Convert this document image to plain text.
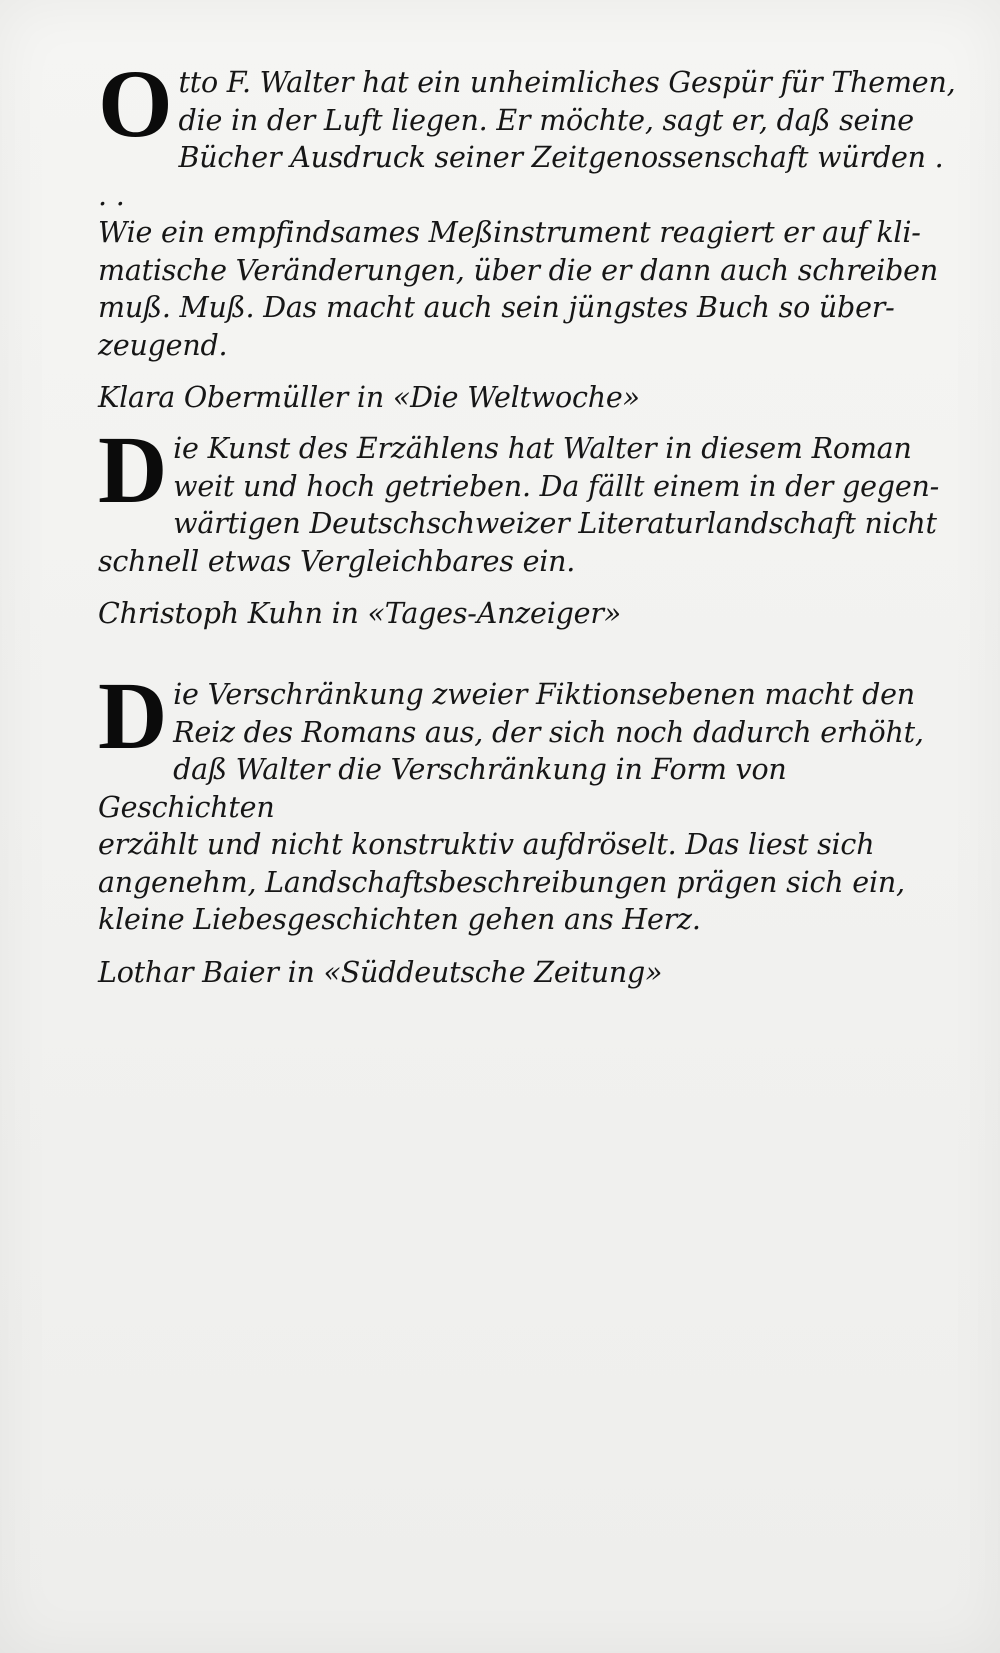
Otto F. Walter hat ein unheimliches Gespür für Themen,
die in der Luft liegen. Er möchte, sagt er, daß seine
Bücher Ausdruck seiner Zeitgenossenschaft würden . . .
Wie ein empfindsames Meßinstrument reagiert er auf kli-
matische Veränderungen, über die er dann auch schreiben
muß. Muß. Das macht auch sein jüngstes Buch so über-
zeugend.

Klara Obermüller in «Die Weltwoche»

Die Kunst des Erzählens hat Walter in diesem Roman
weit und hoch getrieben. Da fällt einem in der gegen-
wärtigen Deutschschweizer Literaturlandschaft nicht
schnell etwas Vergleichbares ein.

Christoph Kuhn in «Tages-Anzeiger»

Die Verschränkung zweier Fiktionsebenen macht den
Reiz des Romans aus, der sich noch dadurch erhöht,
daß Walter die Verschränkung in Form von Geschichten
erzählt und nicht konstruktiv aufdröselt. Das liest sich
angenehm, Landschaftsbeschreibungen prägen sich ein,
kleine Liebesgeschichten gehen ans Herz.

Lothar Baier in «Süddeutsche Zeitung»
